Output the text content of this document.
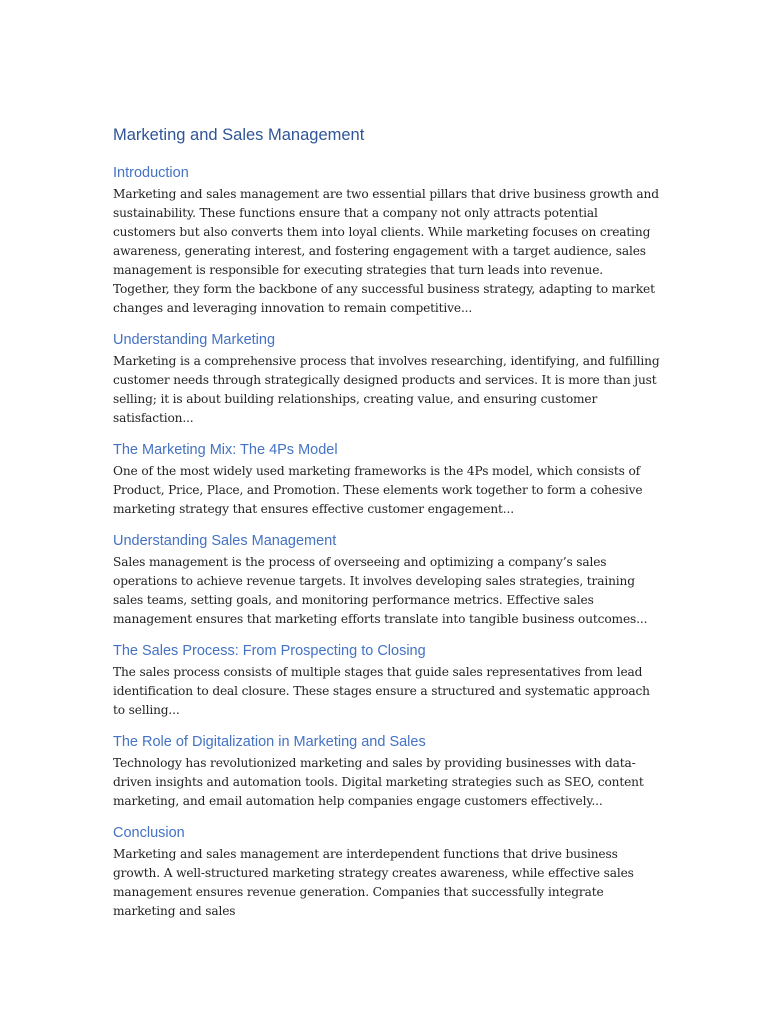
Marketing and Sales Management
Introduction

Marketing and sales management are two essential pillars that drive business growth and sustainability. These functions ensure that a company not only attracts potential customers but also converts them into loyal clients. While marketing focuses on creating awareness, generating interest, and fostering engagement with a target audience, sales management is responsible for executing strategies that turn leads into revenue. Together, they form the backbone of any successful business strategy, adapting to market changes and leveraging innovation to remain competitive...

Understanding Marketing

Marketing is a comprehensive process that involves researching, identifying, and fulfilling customer needs through strategically designed products and services. It is more than just selling; it is about building relationships, creating value, and ensuring customer satisfaction...

The Marketing Mix: The 4Ps Model

One of the most widely used marketing frameworks is the 4Ps model, which consists of Product, Price, Place, and Promotion. These elements work together to form a cohesive marketing strategy that ensures effective customer engagement...

Understanding Sales Management

Sales management is the process of overseeing and optimizing a company’s sales operations to achieve revenue targets. It involves developing sales strategies, training sales teams, setting goals, and monitoring performance metrics. Effective sales management ensures that marketing efforts translate into tangible business outcomes...

The Sales Process: From Prospecting to Closing

The sales process consists of multiple stages that guide sales representatives from lead identification to deal closure. These stages ensure a structured and systematic approach to selling...

The Role of Digitalization in Marketing and Sales

Technology has revolutionized marketing and sales by providing businesses with data-driven insights and automation tools. Digital marketing strategies such as SEO, content marketing, and email automation help companies engage customers effectively...

Conclusion

Marketing and sales management are interdependent functions that drive business growth. A well-structured marketing strategy creates awareness, while effective sales management ensures revenue generation. Companies that successfully integrate marketing and sales
